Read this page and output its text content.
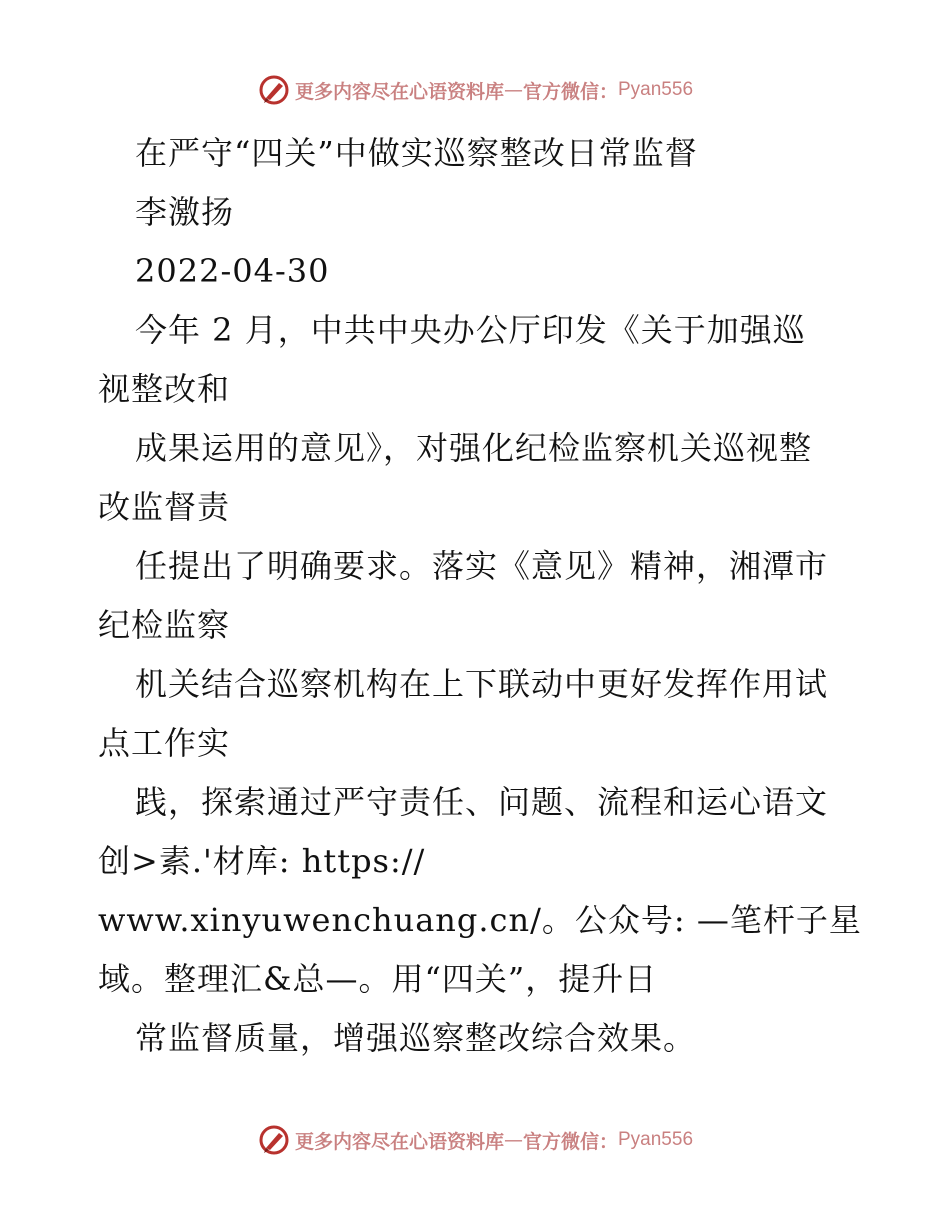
更多内容尽在心语资料库 — 官方微信： Pyan556
在严守“四关”中做实巡察整改日常监督
李激扬
2022-04-30
今年 2 月，中共中央办公厅印发《关于加强巡
视整改和
成果运用的意见》，对强化纪检监察机关巡视整
改监督责
任提出了明确要求。落实《意见》精神，湘潭市
纪检监察
机关结合巡察机构在上下联动中更好发挥作用试
点工作实
践，探索通过严守责任、问题、流程和运心语文
创>素.'材库: https://
www.xinyuwenchuang.cn/。公众号: —笔杆子星
域。整理汇&总—。用“四关”，提升日
常监督质量，增强巡察整改综合效果。
更多内容尽在心语资料库 — 官方微信： Pyan556
